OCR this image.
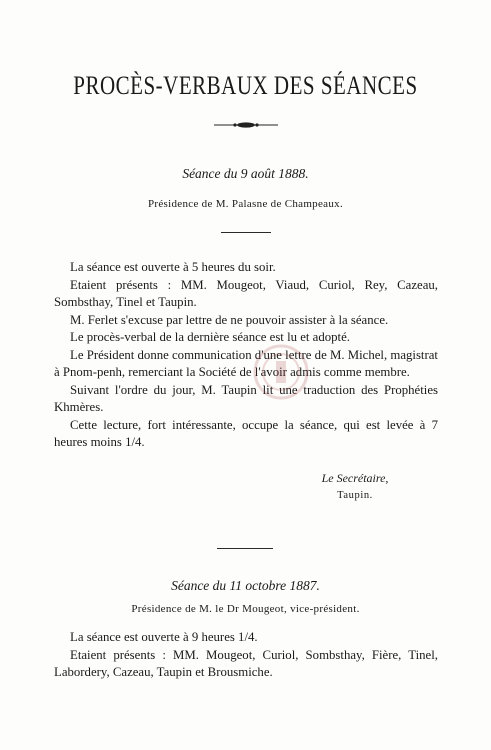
PROCÈS-VERBAUX DES SÉANCES
Séance du 9 août 1888.
Présidence de M. Palasne de Champeaux.

La séance est ouverte à 5 heures du soir.

Etaient présents : MM. Mougeot, Viaud, Curiol, Rey, Cazeau, Sombsthay, Tinel et Taupin.

M. Ferlet s'excuse par lettre de ne pouvoir assister à la séance.

Le procès-verbal de la dernière séance est lu et adopté.

Le Président donne communication d'une lettre de M. Michel, magistrat à Pnom-penh, remerciant la Société de l'avoir admis comme membre.

Suivant l'ordre du jour, M. Taupin lit une traduction des Prophéties Khmères.

Cette lecture, fort intéressante, occupe la séance, qui est levée à 7 heures moins 1/4.

Le Secrétaire,
Taupin.
Séance du 11 octobre 1887.
Présidence de M. le Dr Mougeot, vice-président.

La séance est ouverte à 9 heures 1/4.

Etaient présents : MM. Mougeot, Curiol, Sombsthay, Fière, Tinel, Labordery, Cazeau, Taupin et Brousmiche.
